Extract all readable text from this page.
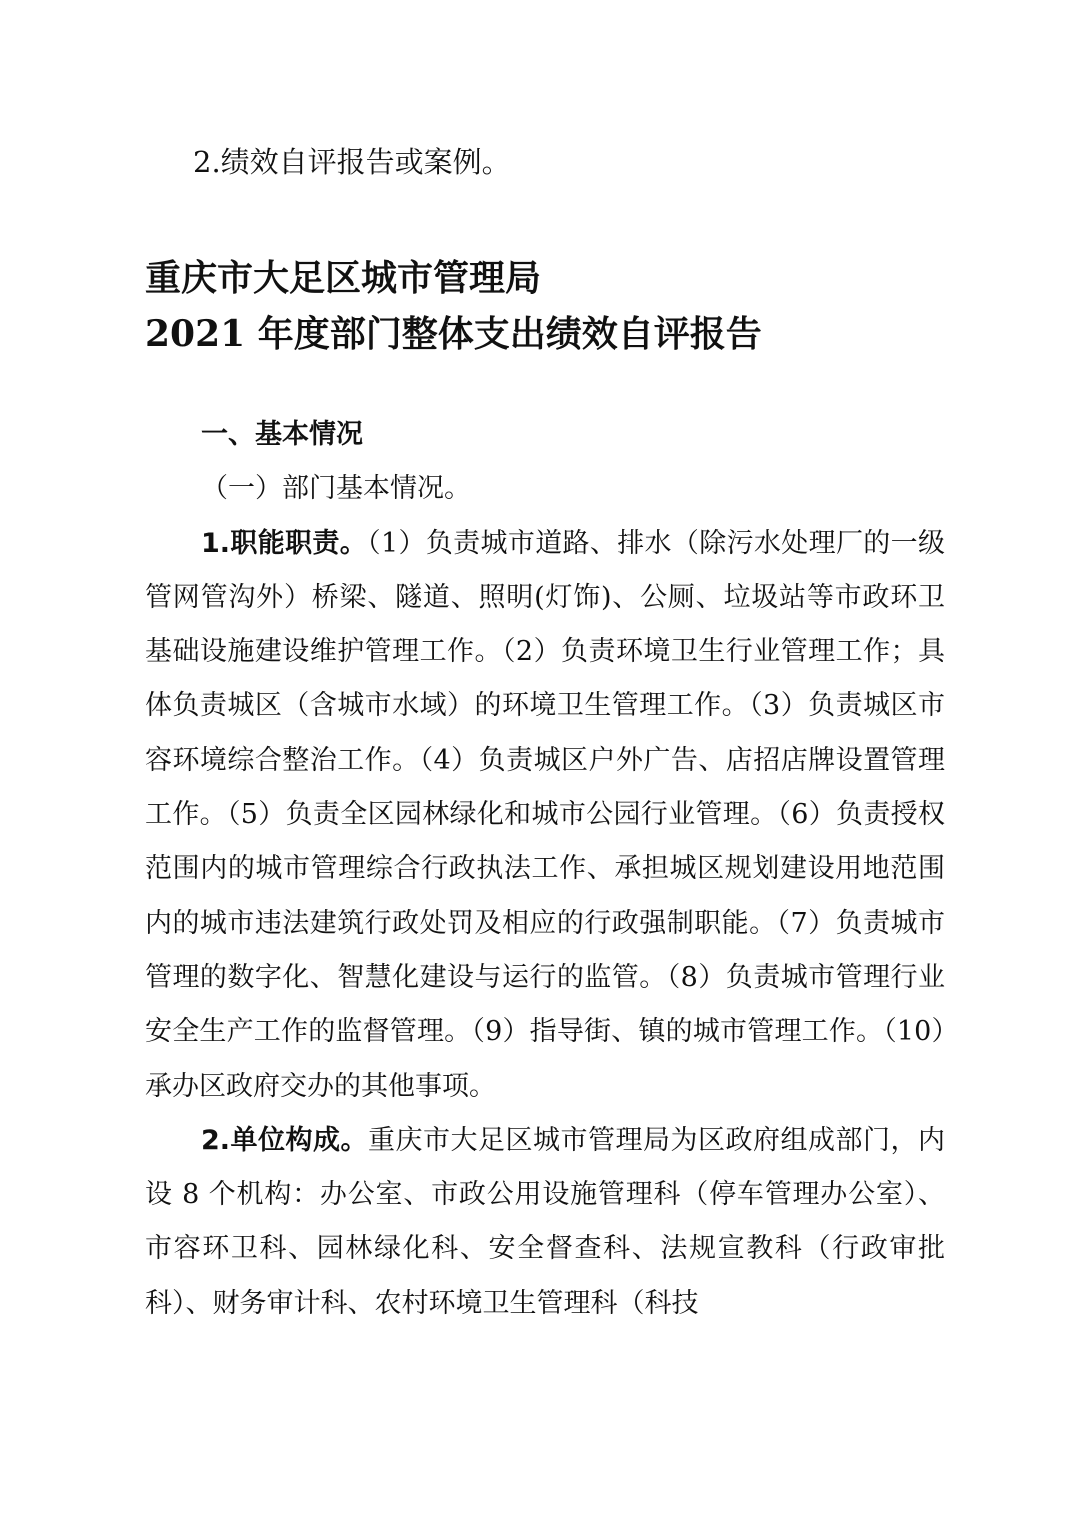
2.绩效自评报告或案例。
重庆市大足区城市管理局
2021 年度部门整体支出绩效自评报告

一、基本情况

（一）部门基本情况。

1.职能职责。（1）负责城市道路、排水（除污水处理厂的一级管网管沟外）桥梁、隧道、照明(灯饰)、公厕、垃圾站等市政环卫基础设施建设维护管理工作。（2）负责环境卫生行业管理工作；具体负责城区（含城市水域）的环境卫生管理工作。（3）负责城区市容环境综合整治工作。（4）负责城区户外广告、店招店牌设置管理工作。（5）负责全区园林绿化和城市公园行业管理。（6）负责授权范围内的城市管理综合行政执法工作、承担城区规划建设用地范围内的城市违法建筑行政处罚及相应的行政强制职能。（7）负责城市管理的数字化、智慧化建设与运行的监管。（8）负责城市管理行业安全生产工作的监督管理。（9）指导街、镇的城市管理工作。（10）承办区政府交办的其他事项。

2.单位构成。重庆市大足区城市管理局为区政府组成部门，内设 8 个机构：办公室、市政公用设施管理科（停车管理办公室）、市容环卫科、园林绿化科、安全督查科、法规宣教科（行政审批科）、财务审计科、农村环境卫生管理科（科技
